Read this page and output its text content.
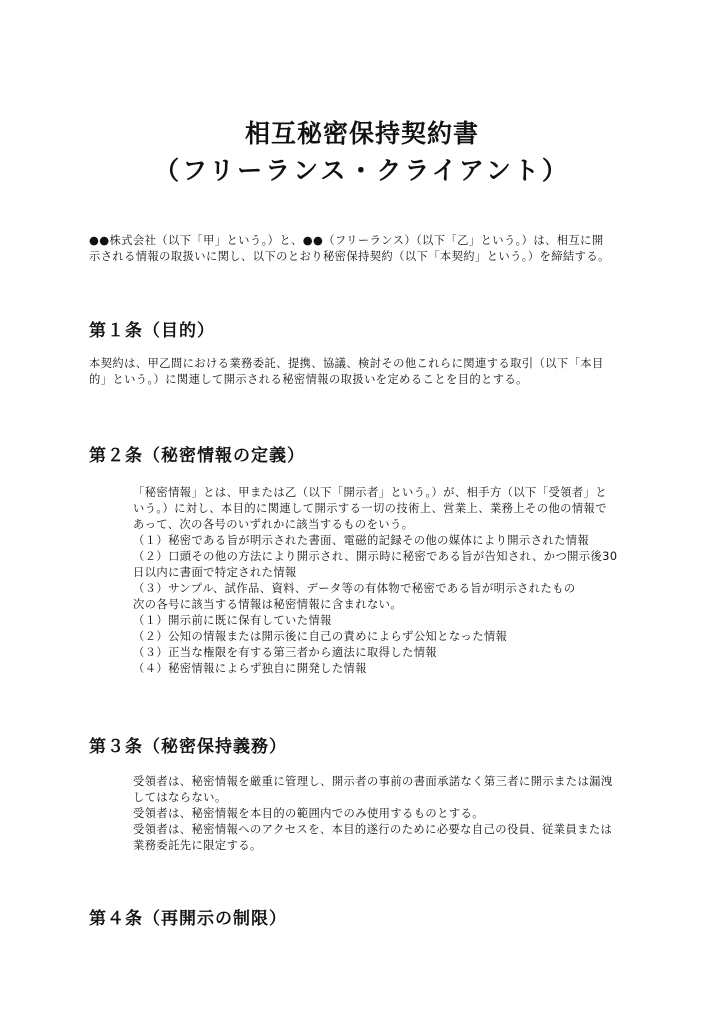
相互秘密保持契約書
（フリーランス・クライアント）
●●株式会社（以下「甲」という。）と、●●（フリーランス）（以下「乙」という。）は、相互に開
示される情報の取扱いに関し、以下のとおり秘密保持契約（以下「本契約」という。）を締結する。
第１条（目的）
本契約は、甲乙間における業務委託、提携、協議、検討その他これらに関連する取引（以下「本目
的」という。）に関連して開示される秘密情報の取扱いを定めることを目的とする。
第２条（秘密情報の定義）
「秘密情報」とは、甲または乙（以下「開示者」という。）が、相手方（以下「受領者」と
いう。）に対し、本目的に関連して開示する一切の技術上、営業上、業務上その他の情報で
あって、次の各号のいずれかに該当するものをいう。
（１）秘密である旨が明示された書面、電磁的記録その他の媒体により開示された情報
（２）口頭その他の方法により開示され、開示時に秘密である旨が告知され、かつ開示後30
日以内に書面で特定された情報
（３）サンプル、試作品、資料、データ等の有体物で秘密である旨が明示されたもの
次の各号に該当する情報は秘密情報に含まれない。
（１）開示前に既に保有していた情報
（２）公知の情報または開示後に自己の責めによらず公知となった情報
（３）正当な権限を有する第三者から適法に取得した情報
（４）秘密情報によらず独自に開発した情報
第３条（秘密保持義務）
受領者は、秘密情報を厳重に管理し、開示者の事前の書面承諾なく第三者に開示または漏洩
してはならない。
受領者は、秘密情報を本目的の範囲内でのみ使用するものとする。
受領者は、秘密情報へのアクセスを、本目的遂行のために必要な自己の役員、従業員または
業務委託先に限定する。
第４条（再開示の制限）
